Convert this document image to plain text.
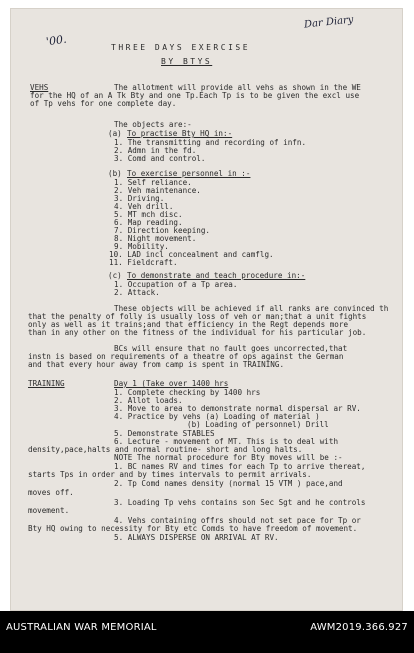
Dar Diary
'00.	THREE DAYS EXERCISE
BY BTYS
VEHS	The allotment will provide all vehs as shown in the WE
for the HQ of an A Tk Bty and one Tp.Each Tp is to be given the excl use
of Tp vehs for one complete day.
The objects are:-
(a) To practise Bty HQ in:-
1. The transmitting and recording of infn.
2. Admn in the fd.
3. Comd and control.
(b) To exercise personnel in :-
1. Self reliance.
2. Veh maintenance.
3. Driving.
4. Veh drill.
5. MT mch disc.
6. Map reading.
7. Direction keeping.
8. Night movement.
9. Mobility.
10. LAD incl concealment and camflg.
11. Fieldcraft.
(c) To demonstrate and teach procedure in:-
1. Occupation of a Tp area.
2. Attack.
These objects will be achieved if all ranks are convinced th
that the penalty of folly is usually loss of veh or man;that a unit fights
only as well as it trains;and that efficiency in the Regt depends more
than in any other on the fitness of the individual for his particular job.
BCs will ensure that no fault goes uncorrected,that
instn is based on requirements of a theatre of ops against the German
and that every hour away from camp is spent in TRAINING.
TRAINING	Day 1 (Take over 1400 hrs
1. Complete checking by 1400 hrs
2. Allot loads.
3. Move to area to demonstrate normal dispersal ar RV.
4. Practice by vehs (a) Loading of material )
(b) Loading of personnel) Drill
5. Demonstrate STABLES
6. Lecture - movement of MT. This is to deal with
density,pace,halts and normal routine- short and long halts.
NOTE The normal procedure for Bty moves will be :-
1. BC names RV and times for each Tp to arrive thereat,
starts Tps in order and by times intervals to permit arrivals.
2. Tp Comd names density (normal 15 VTM ) pace,and
moves off.
3. Loading Tp vehs contains son Sec Sgt and he controls
movement.
4. Vehs containing offrs should not set pace for Tp or
Bty HQ owing to necessity for Bty etc Comds to have freedom of movement.
5. ALWAYS DISPERSE ON ARRIVAL AT RV.
AUSTRALIAN WAR MEMORIAL	AWM2019.366.927
